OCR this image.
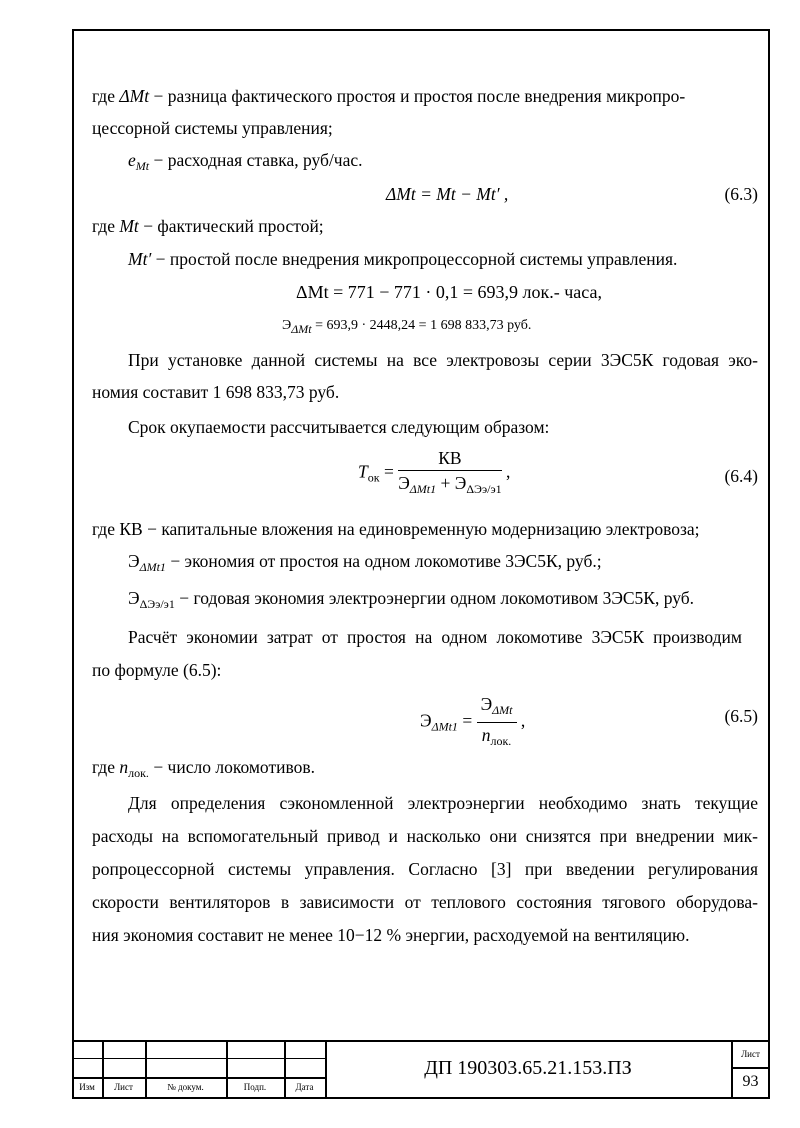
где ΔMt − разница фактического простоя и простоя после внедрения микропро-
цессорной системы управления;
$e_{Mt}$ − расходная ставка, руб/час.
ΔMt = Mt − Mt′ ,	(6.3)
где Mt − фактический простой;
Mt′ − простой после внедрения микропроцессорной системы управления.
ΔMt = 771 − 771 · 0,1 = 693,9 лок.- часа,
$Э_{\Delta Mt} = 693,9 \cdot 2448,24 = 1$ 698 833,73 руб.
При установке данной системы на все электровозы серии 3ЭС5К годовая эко-
номия составит 1 698 833,73 руб.
Срок окупаемости рассчитывается следующим образом:
$T_{ок} = \frac{КВ}{Э_{\Delta Mt1} + Э_{\Delta Ээ/э1}}$ ,	(6.4)
где КВ − капитальные вложения на единовременную модернизацию электровоза;
$Э_{\Delta Mt1}$ − экономия от простоя на одном локомотиве 3ЭС5К, руб.;
$Э_{\Delta Ээ/э1}$ − годовая экономия электроэнергии одном локомотивом 3ЭС5К, руб.
Расчёт экономии затрат от простоя на одном локомотиве 3ЭС5К производим
по формуле (6.5):
$Э_{\Delta Mt1} = \frac{Э_{\Delta Mt}}{n_{лок.}}$ ,	(6.5)
где $n_{лок.}$ − число локомотивов.
Для определения сэкономленной электроэнергии необходимо знать текущие
расходы на вспомогательный привод и насколько они снизятся при внедрении мик-
ропроцессорной системы управления. Согласно [3] при введении регулирования
скорости вентиляторов в зависимости от теплового состояния тягового оборудова-
ния экономия составит не менее 10−12 % энергии, расходуемой на вентиляцию.
Изм	Лист	№ докум.	Подп.	Дата
ДП 190303.65.21.153.ПЗ
Лист
93
